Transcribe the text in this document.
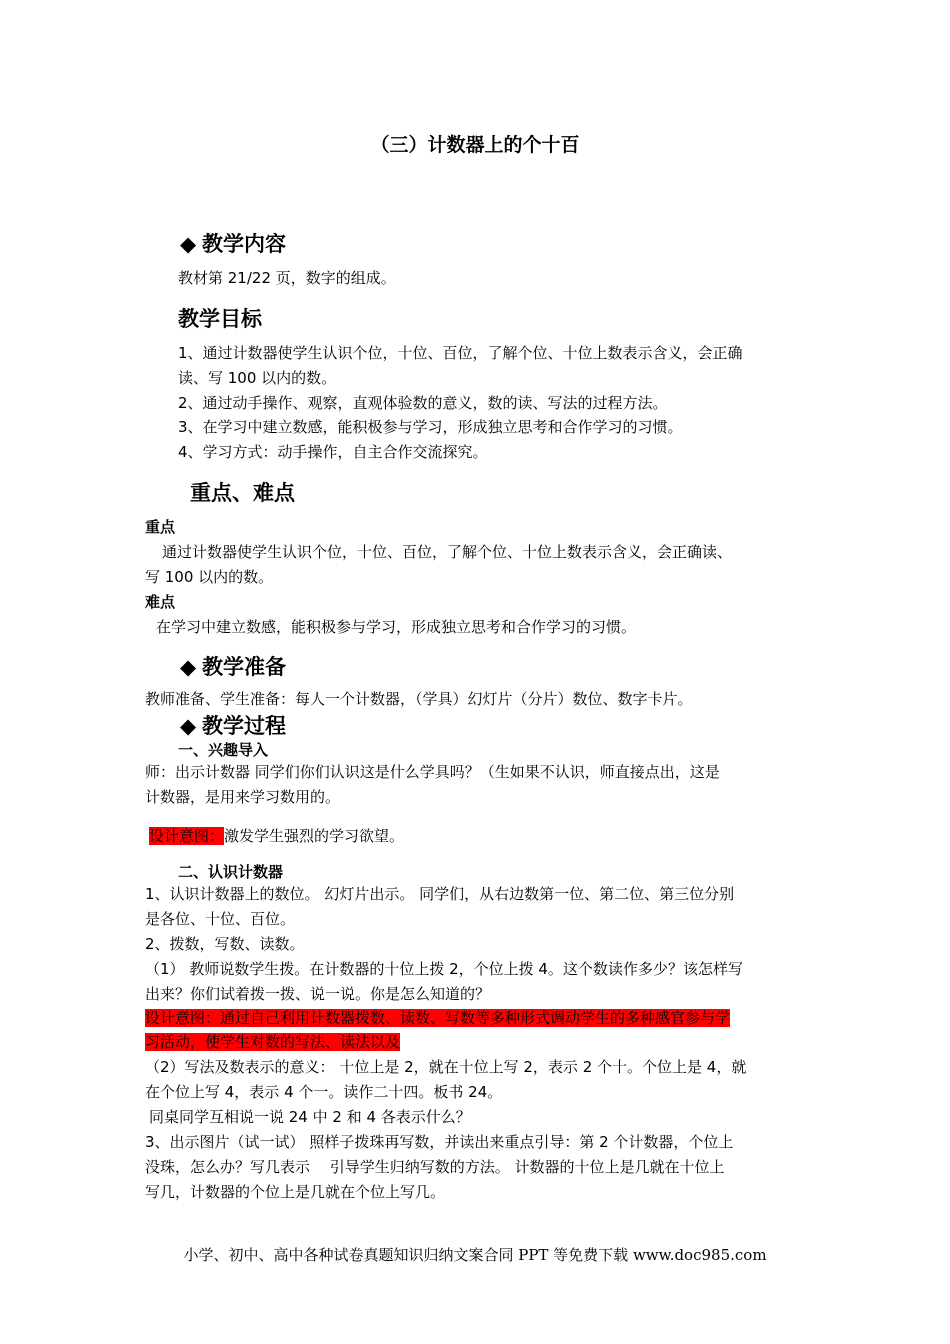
（三）计数器上的个十百
◆ 教学内容
教材第 21/22 页，数字的组成。
教学目标
1、通过计数器使学生认识个位，十位、百位，了解个位、十位上数表示含义，会正确
读、写 100 以内的数。
2、通过动手操作、观察，直观体验数的意义，数的读、写法的过程方法。
3、在学习中建立数感，能积极参与学习，形成独立思考和合作学习的习惯。
4、学习方式：动手操作，自主合作交流探究。
重点、难点
重点
通过计数器使学生认识个位，十位、百位，了解个位、十位上数表示含义，会正确读、
写 100 以内的数。
难点
在学习中建立数感，能积极参与学习，形成独立思考和合作学习的习惯。
◆ 教学准备
教师准备、学生准备：每人一个计数器，（学具）幻灯片（分片）数位、数字卡片。
◆ 教学过程
一、兴趣导入
师：出示计数器 同学们你们认识这是什么学具吗？（生如果不认识，师直接点出，这是
计数器，是用来学习数用的。
设计意图：激发学生强烈的学习欲望。
二、认识计数器
1、认识计数器上的数位。 幻灯片出示。 同学们，从右边数第一位、第二位、第三位分别
是各位、十位、百位。
2、拨数，写数、读数。
（1） 教师说数学生拨。在计数器的十位上拨 2，个位上拨 4。这个数读作多少？该怎样写
出来？你们试着拨一拨、说一说。你是怎么知道的？
设计意图：通过自己利用计数器拨数、读数、写数等多种形式调动学生的多种感官参与学
习活动，使学生对数的写法、读法以及
（2）写法及数表示的意义： 十位上是 2，就在十位上写 2，表示 2 个十。个位上是 4，就
在个位上写 4，表示 4 个一。读作二十四。板书 24。
同桌同学互相说一说 24 中 2 和 4 各表示什么？
3、出示图片（试一试） 照样子拨珠再写数，并读出来重点引导：第 2 个计数器，个位上
没珠，怎么办？写几表示 　引导学生归纳写数的方法。 计数器的十位上是几就在十位上
写几，计数器的个位上是几就在个位上写几。
小学、初中、高中各种试卷真题知识归纳文案合同 PPT 等免费下载 www.doc985.com
